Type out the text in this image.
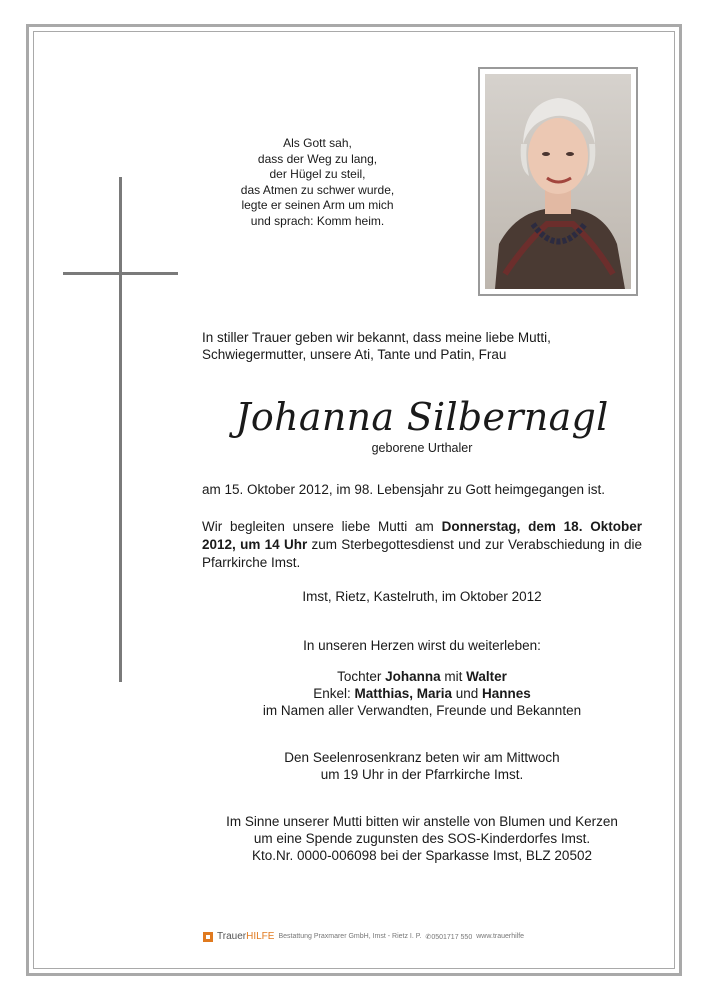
Als Gott sah,
dass der Weg zu lang,
der Hügel zu steil,
das Atmen zu schwer wurde,
legte er seinen Arm um mich
und sprach: Komm heim.
In stiller Trauer geben wir bekannt, dass meine liebe Mutti, Schwiegermutter, unsere Ati, Tante und Patin, Frau
Johanna Silbernagl
geborene Urthaler
am 15. Oktober 2012, im 98. Lebensjahr zu Gott heimgegangen ist.
Wir begleiten unsere liebe Mutti am Donnerstag, dem 18. Oktober 2012, um 14 Uhr zum Sterbegottesdienst und zur Verabschiedung in die Pfarrkirche Imst.
Imst, Rietz, Kastelruth, im Oktober 2012
In unseren Herzen wirst du weiterleben:
Tochter Johanna mit Walter
Enkel: Matthias, Maria und Hannes
im Namen aller Verwandten, Freunde und Bekannten
Den Seelenrosenkranz beten wir am Mittwoch
um 19 Uhr in der Pfarrkirche Imst.
Im Sinne unserer Mutti bitten wir anstelle von Blumen und Kerzen
um eine Spende zugunsten des SOS-Kinderdorfes Imst.
Kto.Nr. 0000-006098 bei der Sparkasse Imst, BLZ 20502
TrauerHILFE Bestattung Praxmarer GmbH, Imst - Rietz I. P. ✆0501717 550 www.trauerhilfe
